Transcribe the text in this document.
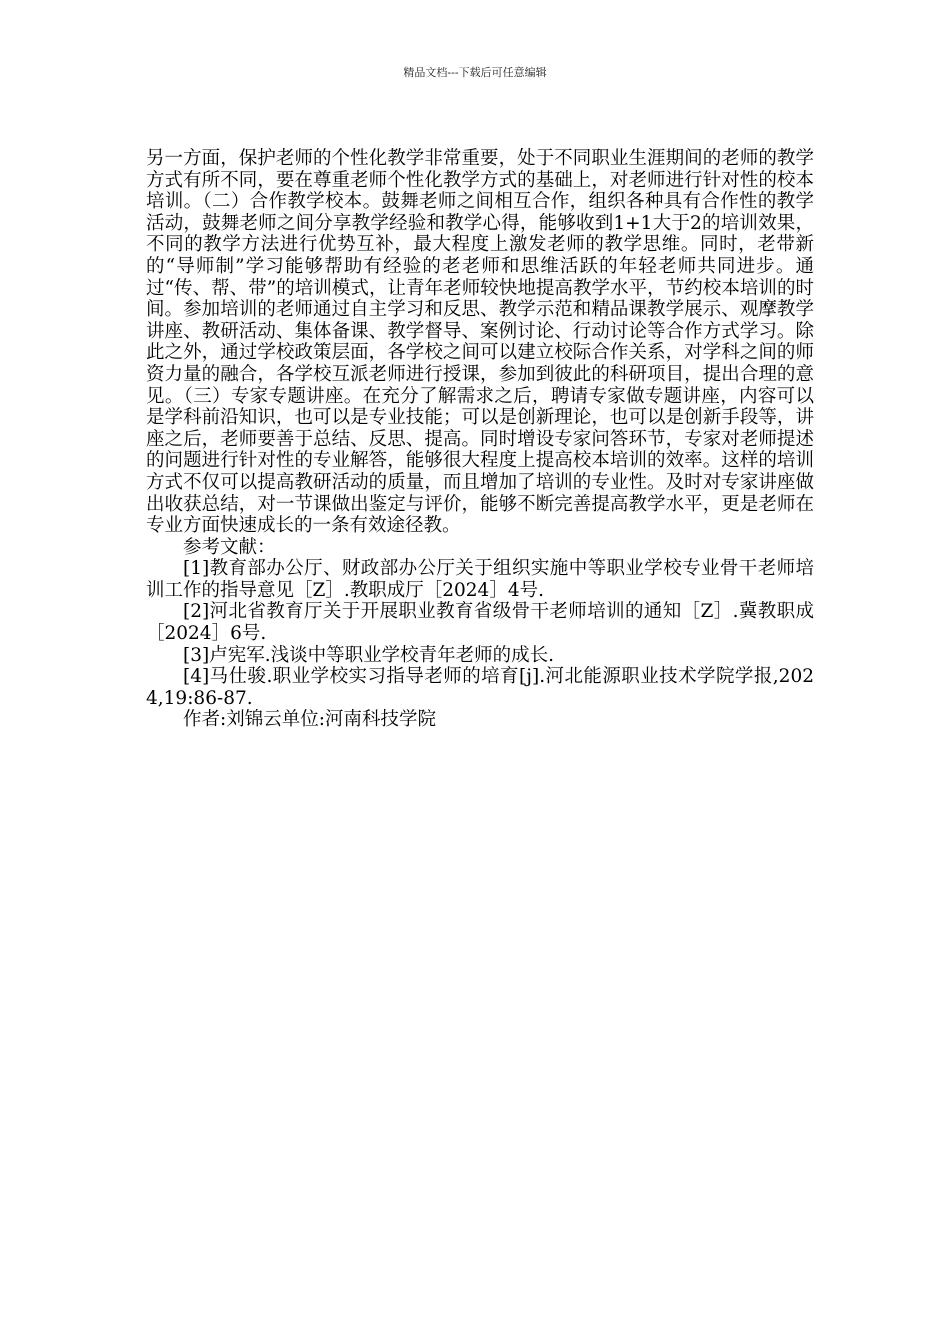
精品文档---下载后可任意编辑

另一方面，保护老师的个性化教学非常重要，处于不同职业生涯期间的老师的教学方式有所不同，要在尊重老师个性化教学方式的基础上，对老师进行针对性的校本培训。（二）合作教学校本。鼓舞老师之间相互合作，组织各种具有合作性的教学活动，鼓舞老师之间分享教学经验和教学心得，能够收到1+1大于2的培训效果，不同的教学方法进行优势互补，最大程度上激发老师的教学思维。同时，老带新的“导师制”学习能够帮助有经验的老老师和思维活跃的年轻老师共同进步。通过“传、帮、带”的培训模式，让青年老师较快地提高教学水平，节约校本培训的时间。参加培训的老师通过自主学习和反思、教学示范和精品课教学展示、观摩教学讲座、教研活动、集体备课、教学督导、案例讨论、行动讨论等合作方式学习。除此之外，通过学校政策层面，各学校之间可以建立校际合作关系，对学科之间的师资力量的融合，各学校互派老师进行授课，参加到彼此的科研项目，提出合理的意见。（三）专家专题讲座。在充分了解需求之后，聘请专家做专题讲座，内容可以是学科前沿知识，也可以是专业技能；可以是创新理论，也可以是创新手段等，讲座之后，老师要善于总结、反思、提高。同时增设专家问答环节，专家对老师提述的问题进行针对性的专业解答，能够很大程度上提高校本培训的效率。这样的培训方式不仅可以提高教研活动的质量，而且增加了培训的专业性。及时对专家讲座做出收获总结，对一节课做出鉴定与评价，能够不断完善提高教学水平，更是老师在专业方面快速成长的一条有效途径教。

参考文献：

[1]教育部办公厅、财政部办公厅关于组织实施中等职业学校专业骨干老师培训工作的指导意见［Z］.教职成厅［2024］4号.

[2]河北省教育厅关于开展职业教育省级骨干老师培训的通知［Z］.冀教职成［2024］6号.

[3]卢宪军.浅谈中等职业学校青年老师的成长.

[4]马仕骏.职业学校实习指导老师的培育[j].河北能源职业技术学院学报,2024,19:86-87.

作者:刘锦云单位:河南科技学院
